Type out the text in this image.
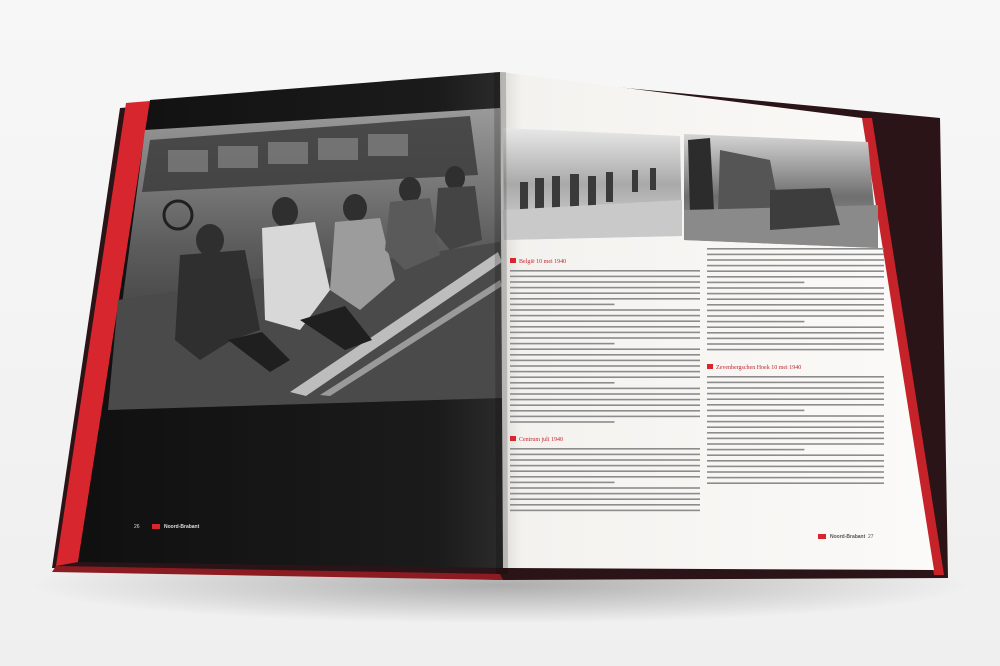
26	Noord-Brabant
België 10 mei 1940
Centrum juli 1940
Zevenbergschen Hoek 10 mei 1940
Noord-Brabant 27
